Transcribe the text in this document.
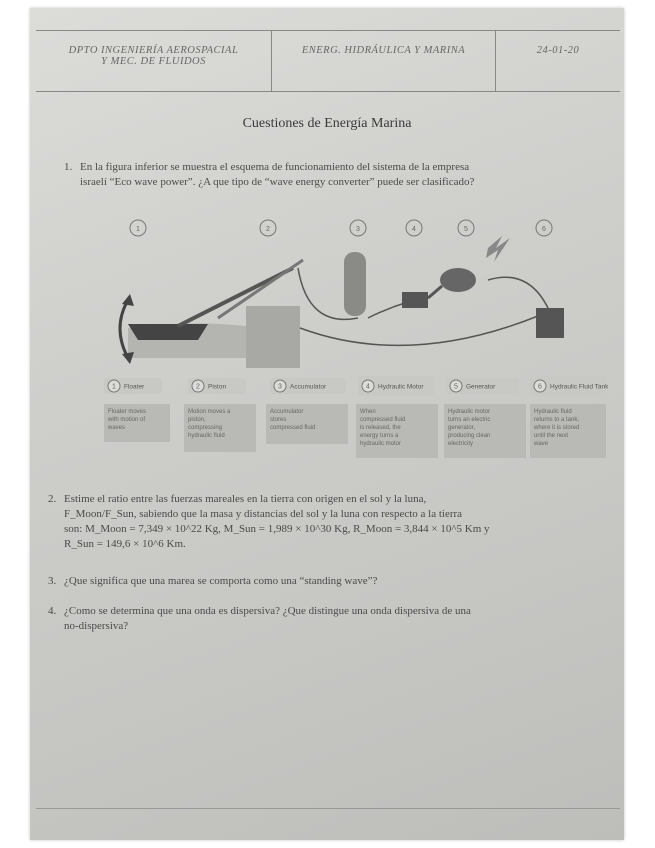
DPTO INGENIERÍA AEROSPACIAL
Y MEC. DE FLUIDOS
ENERG. HIDRÁULICA Y MARINA	24-01-20
Cuestiones de Energía Marina
1. En la figura inferior se muestra el esquema de funcionamiento del sistema de la empresa
israelí “Eco wave power”. ¿A que tipo de “wave energy converter” puede ser clasificado?
1	2	3	4	5	6
1 Floater
Floater moves
with motion of
waves
2 Piston
Motion moves a
piston,
compressing
hydraulic fluid
3 Accumulator
Accumulator
stores
compressed fluid
4 Hydraulic Motor
When
compressed fluid
is released, the
energy turns a
hydraulic motor
5 Generator
Hydraulic motor
turns an electric
generator,
producing clean
electricity
6 Hydraulic Fluid Tank
Hydraulic fluid
returns to a tank,
where it is stored
until the next
wave
2. Estime el ratio entre las fuerzas mareales en la tierra con origen en el sol y la luna,
F_Moon/F_Sun, sabiendo que la masa y distancias del sol y la luna con respecto a la tierra
son: M_Moon = 7,349 × 10^22 Kg, M_Sun = 1,989 × 10^30 Kg, R_Moon = 3,844 × 10^5 Km y
R_Sun = 149,6 × 10^6 Km.
3. ¿Que significa que una marea se comporta como una “standing wave”?
4. ¿Como se determina que una onda es dispersiva? ¿Que distingue una onda dispersiva de una
no-dispersiva?
